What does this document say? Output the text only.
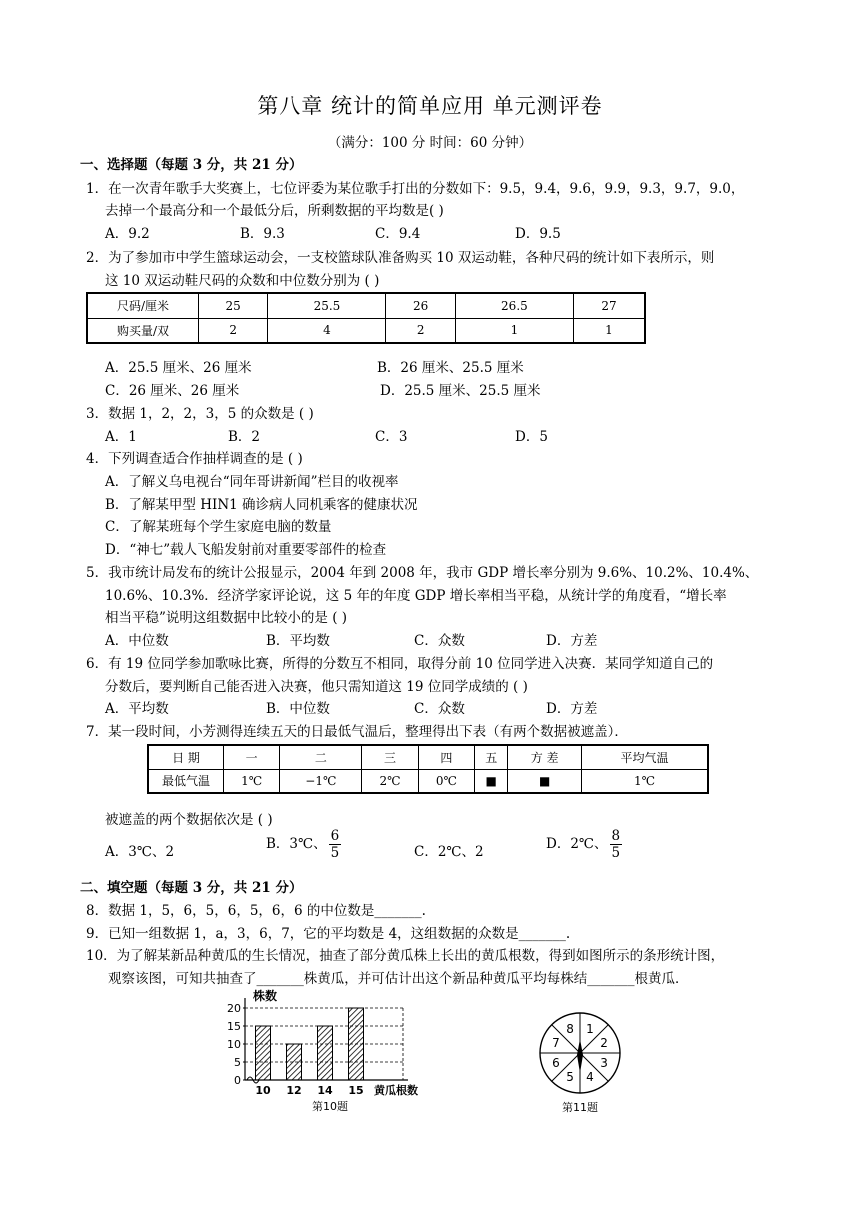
第八章 统计的简单应用 单元测评卷
（满分：100 分 时间：60 分钟）
一、选择题（每题 3 分，共 21 分）
1．在一次青年歌手大奖赛上，七位评委为某位歌手打出的分数如下：9.5，9.4，9.6，9.9，9.3，9.7，9.0，
去掉一个最高分和一个最低分后，所剩数据的平均数是( )
A．9.2	B．9.3	C．9.4	D．9.5
2．为了参加市中学生篮球运动会，一支校篮球队准备购买 10 双运动鞋，各种尺码的统计如下表所示，则
这 10 双运动鞋尺码的众数和中位数分别为 ( )
尺码/厘米	25	25.5	26	26.5	27
购买量/双	2	4	2	1	1
A．25.5 厘米、26 厘米	B．26 厘米、25.5 厘米
C．26 厘米、26 厘米	D．25.5 厘米、25.5 厘米
3．数据 1，2，2，3，5 的众数是 ( )
A．1	B．2	C．3	D．5
4．下列调查适合作抽样调查的是 ( )
A．了解义乌电视台“同年哥讲新闻”栏目的收视率
B．了解某甲型 HIN1 确诊病人同机乘客的健康状况
C．了解某班每个学生家庭电脑的数量
D．“神七”载人飞船发射前对重要零部件的检查
5．我市统计局发布的统计公报显示，2004 年到 2008 年，我市 GDP 增长率分别为 9.6%、10.2%、10.4%、
10.6%、10.3%．经济学家评论说，这 5 年的年度 GDP 增长率相当平稳，从统计学的角度看，“增长率
相当平稳”说明这组数据中比较小的是 ( )
A．中位数	B．平均数	C．众数	D．方差
6．有 19 位同学参加歌咏比赛，所得的分数互不相同，取得分前 10 位同学进入决赛．某同学知道自己的
分数后，要判断自己能否进入决赛，他只需知道这 19 位同学成绩的 ( )
A．平均数	B．中位数	C．众数	D．方差
7．某一段时间，小芳测得连续五天的日最低气温后，整理得出下表（有两个数据被遮盖）．
日 期	一	二	三	四	五	方 差	平均气温
最低气温	1℃	−1℃	2℃	0℃	■	■	1℃
被遮盖的两个数据依次是 ( )
A．3℃、2	B．3℃、 $\frac{6}{5}$	C．2℃、2	D．2℃、 $\frac{8}{5}$
二、填空题（每题 3 分，共 21 分）
8．数据 1，5，6，5，6，5，6，6 的中位数是_______.
9．已知一组数据 1，a，3，6，7，它的平均数是 4，这组数据的众数是_______.
10．为了解某新品种黄瓜的生长情况，抽查了部分黄瓜株上长出的黄瓜根数，得到如图所示的条形统计图，
观察该图，可知共抽查了_______株黄瓜，并可估计出这个新品种黄瓜平均每株结_______根黄瓜．
株数
0
5
10
15
20
10 12 14 15 黄瓜根数
第10题
1
2
3
4
5
6
7
8
第11题
